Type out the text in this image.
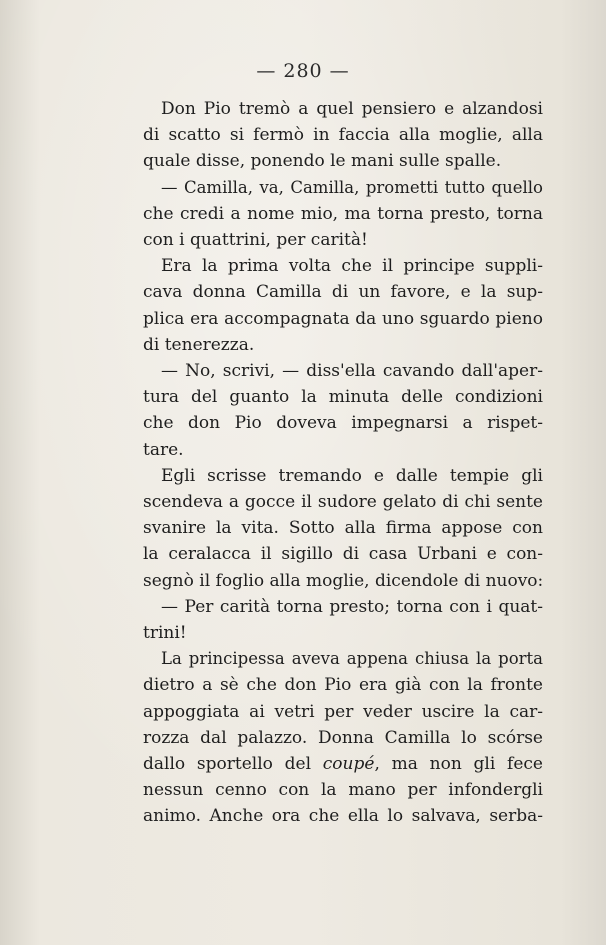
— 280 —
Don Pio tremò a quel pensiero e alzandosi
di scatto si fermò in faccia alla moglie, alla
quale disse, ponendo le mani sulle spalle.
— Camilla, va, Camilla, prometti tutto quello
che credi a nome mio, ma torna presto, torna
con i quattrini, per carità!
Era la prima volta che il principe suppli-
cava donna Camilla di un favore, e la sup-
plica era accompagnata da uno sguardo pieno
di tenerezza.
— No, scrivi, — diss'ella cavando dall'aper-
tura del guanto la minuta delle condizioni
che don Pio doveva impegnarsi a rispet-
tare.
Egli scrisse tremando e dalle tempie gli
scendeva a gocce il sudore gelato di chi sente
svanire la vita. Sotto alla firma appose con
la ceralacca il sigillo di casa Urbani e con-
segnò il foglio alla moglie, dicendole di nuovo:
— Per carità torna presto; torna con i quat-
trini!
La principessa aveva appena chiusa la porta
dietro a sè che don Pio era già con la fronte
appoggiata ai vetri per veder uscire la car-
rozza dal palazzo. Donna Camilla lo scórse
dallo sportello del coupé, ma non gli fece
nessun cenno con la mano per infondergli
animo. Anche ora che ella lo salvava, serba-
